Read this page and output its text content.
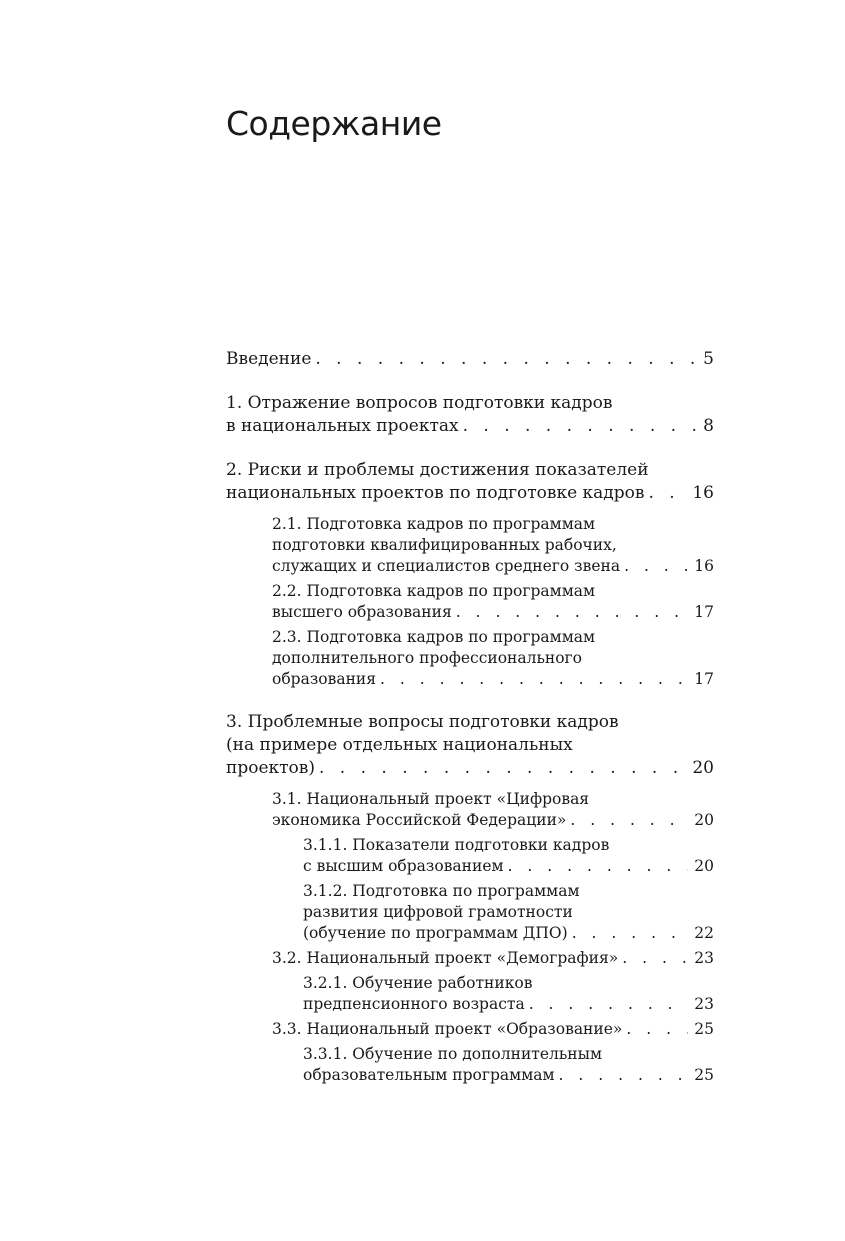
Содержание
Введение . . .	5
1. Отражение вопросов подготовки кадров
в национальных проектах . . .	8
2. Риски и проблемы достижения показателей
национальных проектов по подготовке кадров . . .	16
2.1. Подготовка кадров по программам
подготовки квалифицированных рабочих,
служащих и специалистов среднего звена . . .	16
2.2. Подготовка кадров по программам
высшего образования . . .	17
2.3. Подготовка кадров по программам
дополнительного профессионального
образования . . .	17
3. Проблемные вопросы подготовки кадров
(на примере отдельных национальных
проектов) . . .	20
3.1. Национальный проект «Цифровая
экономика Российской Федерации» . . .	20
3.1.1. Показатели подготовки кадров
с высшим образованием . . .	20
3.1.2. Подготовка по программам
развития цифровой грамотности
(обучение по программам ДПО) . . .	22
3.2. Национальный проект «Демография» . . .	23
3.2.1. Обучение работников
предпенсионного возраста . . .	23
3.3. Национальный проект «Образование» . . .	25
3.3.1. Обучение по дополнительным
образовательным программам . . .	25
